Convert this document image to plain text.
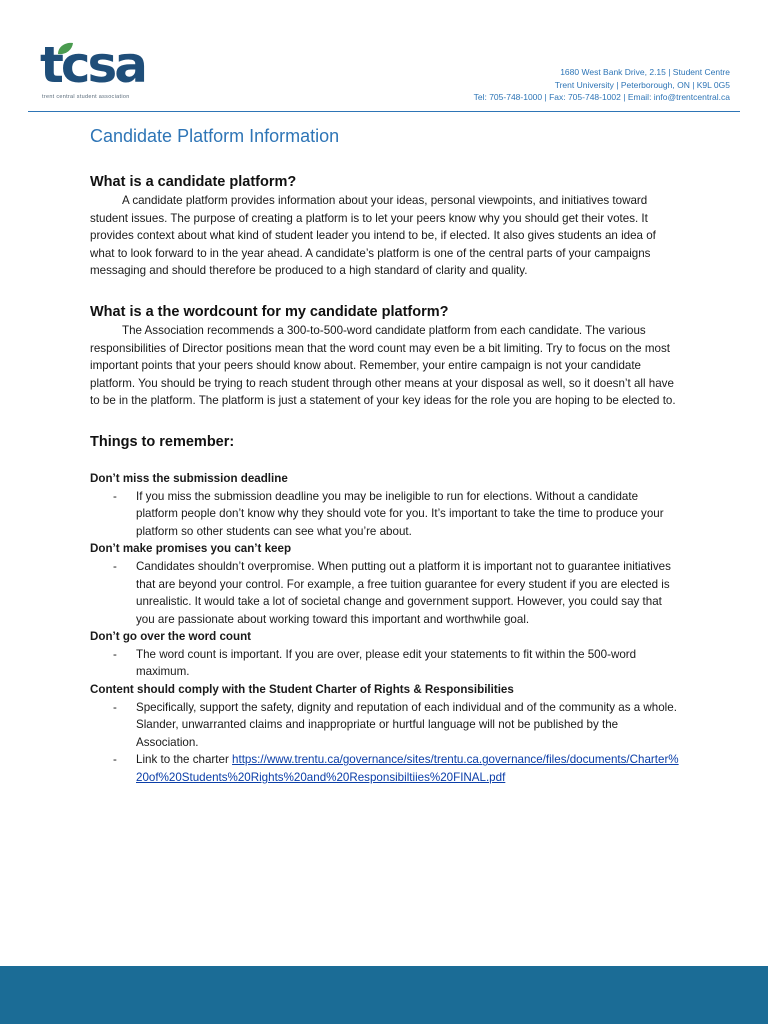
tcsa
trent central student association
1680 West Bank Drive, 2.15 | Student Centre
Trent University | Peterborough, ON | K9L 0G5
Tel: 705-748-1000 | Fax: 705-748-1002 | Email: info@trentcentral.ca
Candidate Platform Information
What is a candidate platform?

A candidate platform provides information about your ideas, personal viewpoints, and initiatives toward student issues. The purpose of creating a platform is to let your peers know why you should get their votes. It provides context about what kind of student leader you intend to be, if elected. It also gives students an idea of what to look forward to in the year ahead. A candidate’s platform is one of the central parts of your campaigns messaging and should therefore be produced to a high standard of clarity and quality.

What is a the wordcount for my candidate platform?

The Association recommends a 300-to-500-word candidate platform from each candidate. The various responsibilities of Director positions mean that the word count may even be a bit limiting. Try to focus on the most important points that your peers should know about. Remember, your entire campaign is not your candidate platform. You should be trying to reach student through other means at your disposal as well, so it doesn’t all have to be in the platform. The platform is just a statement of your key ideas for the role you are hoping to be elected to.

Things to remember:
Don’t miss the submission deadline
- If you miss the submission deadline you may be ineligible to run for elections. Without a candidate platform people don’t know why they should vote for you. It’s important to take the time to produce your platform so other students can see what you’re about.
Don’t make promises you can’t keep
- Candidates shouldn’t overpromise. When putting out a platform it is important not to guarantee initiatives that are beyond your control. For example, a free tuition guarantee for every student if you are elected is unrealistic. It would take a lot of societal change and government support. However, you could say that you are passionate about working toward this important and worthwhile goal.
Don’t go over the word count
- The word count is important. If you are over, please edit your statements to fit within the 500-word maximum.
Content should comply with the Student Charter of Rights & Responsibilities
- Specifically, support the safety, dignity and reputation of each individual and of the community as a whole. Slander, unwarranted claims and inappropriate or hurtful language will not be published by the Association.
- Link to the charter https://www.trentu.ca/governance/sites/trentu.ca.governance/files/documents/Charter%20of%20Students%20Rights%20and%20Responsibiltiies%20FINAL.pdf
